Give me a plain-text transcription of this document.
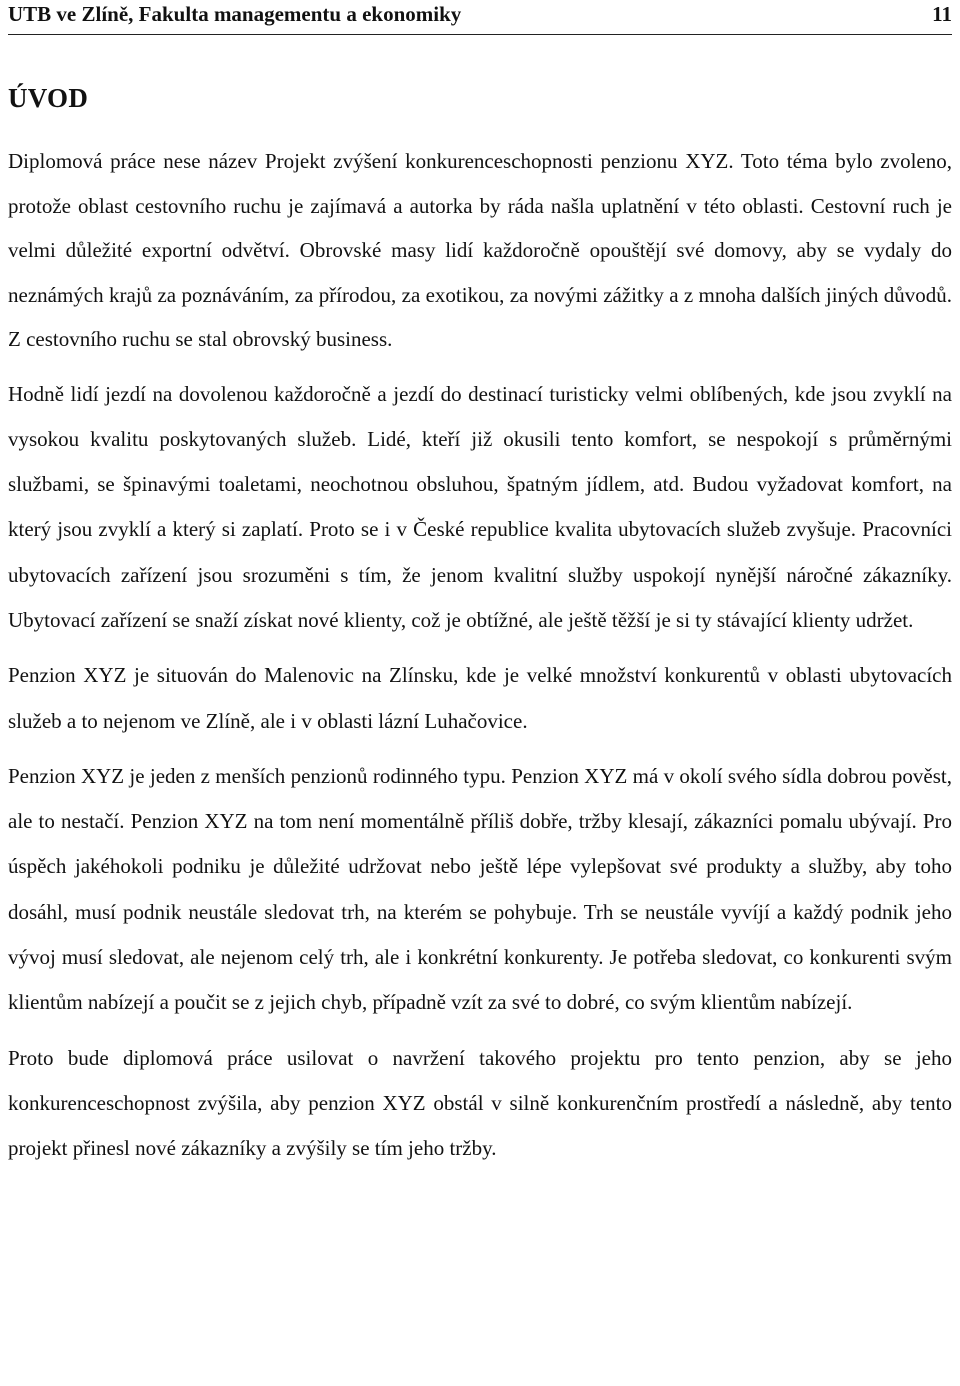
UTB ve Zlíně, Fakulta managementu a ekonomiky	11
ÚVOD

Diplomová práce nese název Projekt zvýšení konkurenceschopnosti penzionu XYZ. Toto téma bylo zvoleno, protože oblast cestovního ruchu je zajímavá a autorka by ráda našla uplatnění v této oblasti. Cestovní ruch je velmi důležité exportní odvětví. Obrovské masy lidí každoročně opouštějí své domovy, aby se vydaly do neznámých krajů za poznáváním, za přírodou, za exotikou, za novými zážitky a z mnoha dalších jiných důvodů. Z cestovního ruchu se stal obrovský business.

Hodně lidí jezdí na dovolenou každoročně a jezdí do destinací turisticky velmi oblíbených, kde jsou zvyklí na vysokou kvalitu poskytovaných služeb. Lidé, kteří již okusili tento komfort, se nespokojí s průměrnými službami, se špinavými toaletami, neochotnou obsluhou, špatným jídlem, atd. Budou vyžadovat komfort, na který jsou zvyklí a který si zaplatí. Proto se i v České republice kvalita ubytovacích služeb zvyšuje. Pracovníci ubytovacích zařízení jsou srozuměni s tím, že jenom kvalitní služby uspokojí nynější náročné zákazníky. Ubytovací zařízení se snaží získat nové klienty, což je obtížné, ale ještě těžší je si ty stávající klienty udržet.

Penzion XYZ je situován do Malenovic na Zlínsku, kde je velké množství konkurentů v oblasti ubytovacích služeb a to nejenom ve Zlíně, ale i v oblasti lázní Luhačovice.

Penzion XYZ je jeden z menších penzionů rodinného typu. Penzion XYZ má v okolí svého sídla dobrou pověst, ale to nestačí. Penzion XYZ na tom není momentálně příliš dobře, tržby klesají, zákazníci pomalu ubývají. Pro úspěch jakéhokoli podniku je důležité udržovat nebo ještě lépe vylepšovat své produkty a služby, aby toho dosáhl, musí podnik neustále sledovat trh, na kterém se pohybuje. Trh se neustále vyvíjí a každý podnik jeho vývoj musí sledovat, ale nejenom celý trh, ale i konkrétní konkurenty. Je potřeba sledovat, co konkurenti svým klientům nabízejí a poučit se z jejich chyb, případně vzít za své to dobré, co svým klientům nabízejí.

Proto bude diplomová práce usilovat o navržení takového projektu pro tento penzion, aby se jeho konkurenceschopnost zvýšila, aby penzion XYZ obstál v silně konkurenčním prostředí a následně, aby tento projekt přinesl nové zákazníky a zvýšily se tím jeho tržby.
